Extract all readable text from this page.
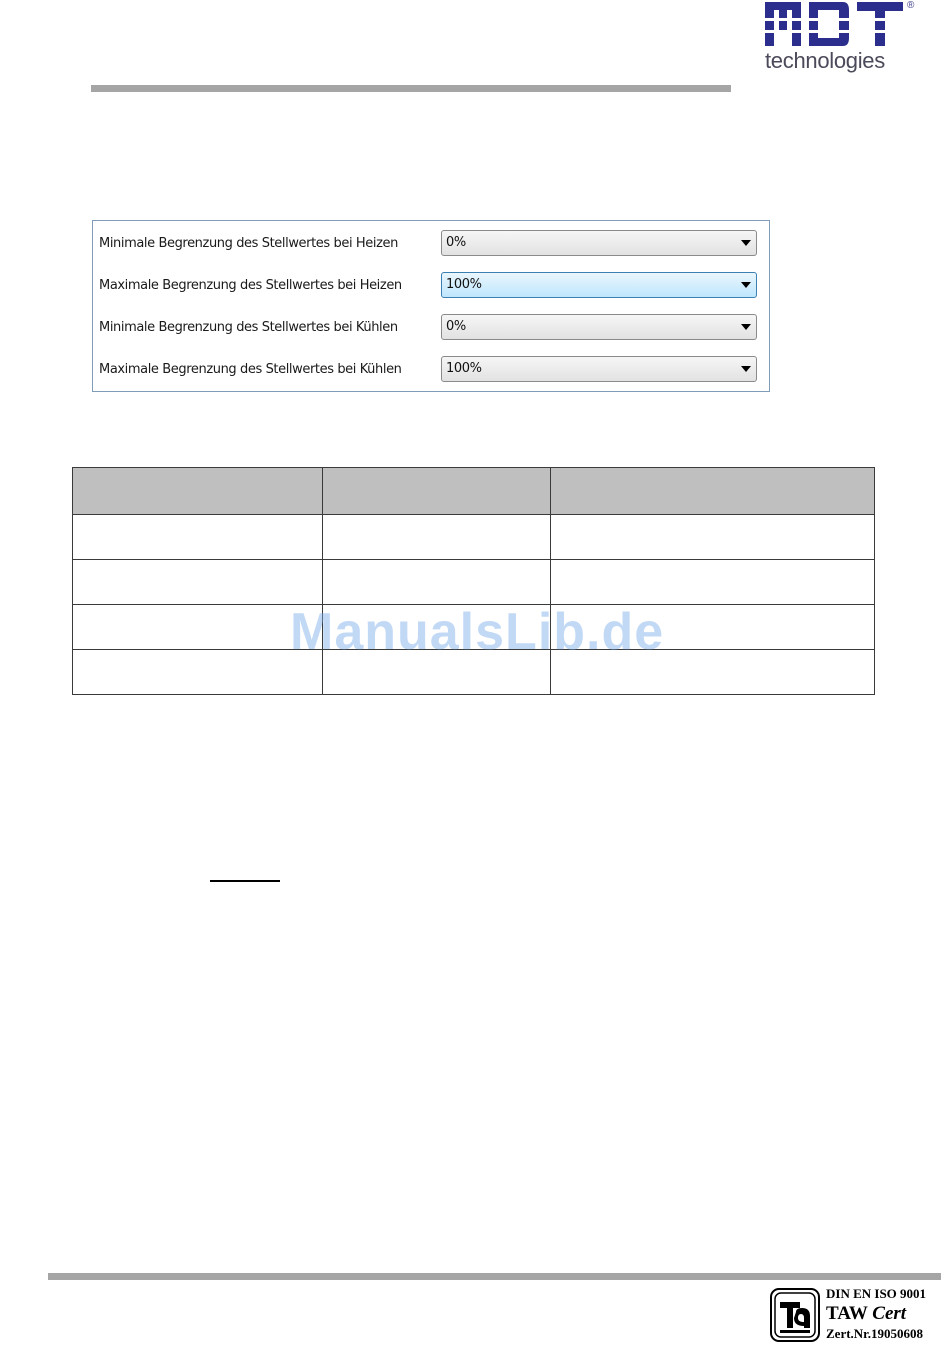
®
technologies
Minimale Begrenzung des Stellwertes bei Heizen	0%
Maximale Begrenzung des Stellwertes bei Heizen	100%
Minimale Begrenzung des Stellwertes bei Kühlen	0%
Maximale Begrenzung des Stellwertes bei Kühlen	100%

ManualsLib.de
DIN EN ISO 9001
TAW Cert
Zert.Nr.19050608
